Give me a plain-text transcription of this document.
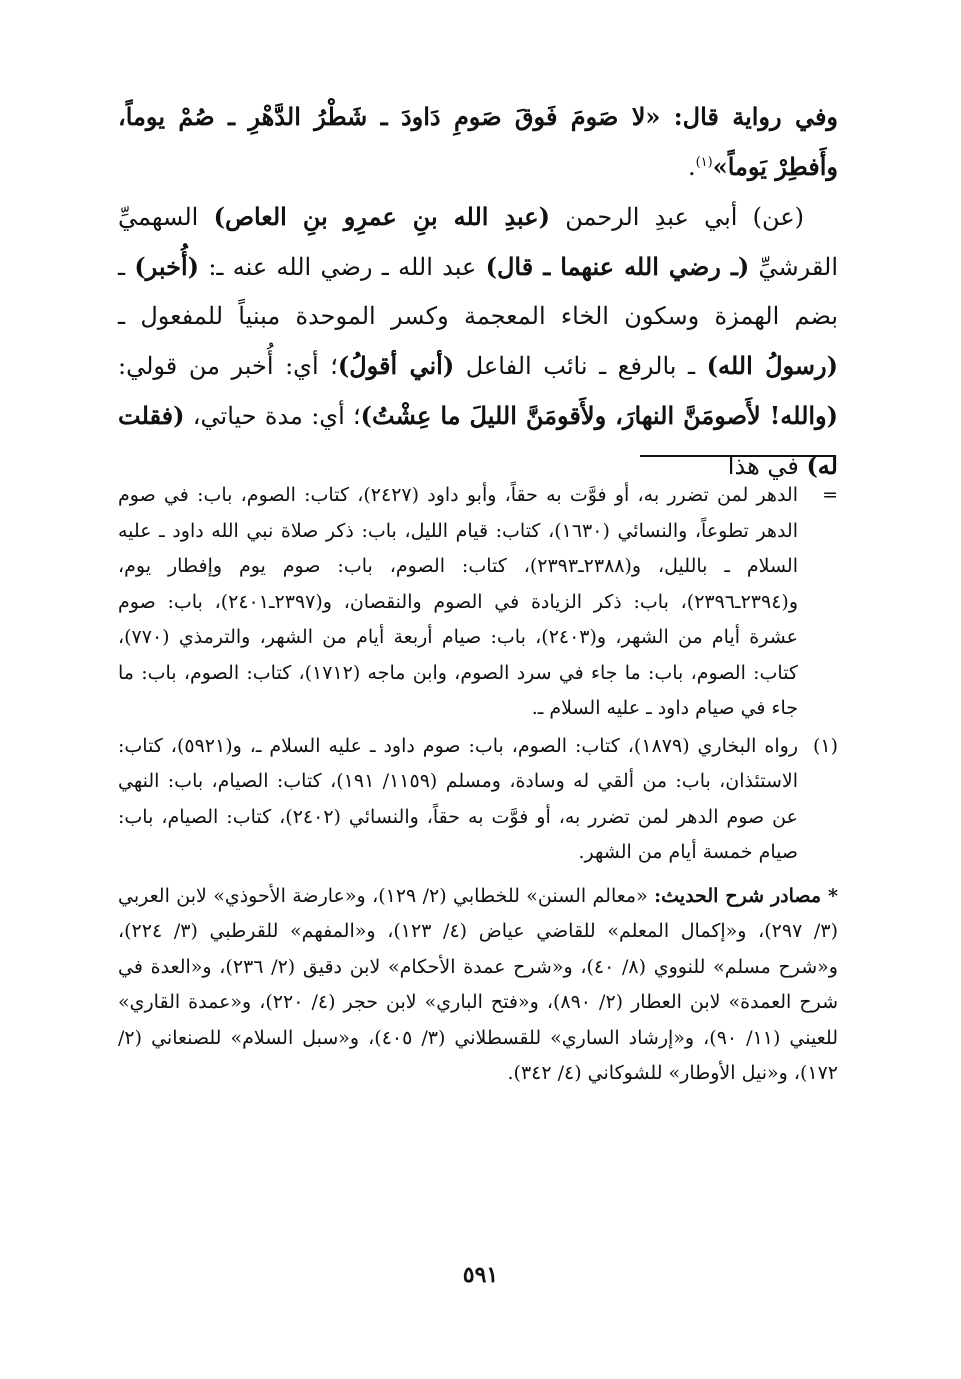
وفي رواية قال: «لا صَومَ فَوقَ صَومِ دَاودَ ـ شَطْرُ الدَّهْرِ ـ صُمْ يوماً، وأَفطِرْ يَوماً»$^{(١)}$.

(عن) أبي عبدِ الرحمن (عبدِ الله بنِ عمرِو بنِ العاص) السهميِّ القرشيِّ (ـ رضي الله عنهما ـ قال) عبد الله ـ رضي الله عنه ـ: (أُخبر) ـ بضم الهمزة وسكون الخاء المعجمة وكسر الموحدة مبنياً للمفعول ـ (رسولُ الله) ـ بالرفع ـ نائب الفاعل (أني أقولُ)؛ أي: أُخبر من قولي: (والله! لأَصومَنَّ النهارَ، ولأَقومَنَّ الليلَ ما عِشْتُ)؛ أي: مدة حياتي، (فقلت له) في هذا

=
الدهر لمن تضرر به، أو فوَّت به حقاً، وأبو داود (٢٤٢٧)، كتاب: الصوم، باب: في صوم الدهر تطوعاً، والنسائي (١٦٣٠)، كتاب: قيام الليل، باب: ذكر صلاة نبي الله داود ـ عليه السلام ـ بالليل، و(٢٣٨٨ـ٢٣٩٣)، كتاب: الصوم، باب: صوم يوم وإفطار يوم، و(٢٣٩٤ـ٢٣٩٦)، باب: ذكر الزيادة في الصوم والنقصان، و(٢٣٩٧ـ٢٤٠١)، باب: صوم عشرة أيام من الشهر، و(٢٤٠٣)، باب: صيام أربعة أيام من الشهر، والترمذي (٧٧٠)، كتاب: الصوم، باب: ما جاء في سرد الصوم، وابن ماجه (١٧١٢)، كتاب: الصوم، باب: ما جاء في صيام داود ـ عليه السلام ـ.
(١)
رواه البخاري (١٨٧٩)، كتاب: الصوم، باب: صوم داود ـ عليه السلام ـ، و(٥٩٢١)، كتاب: الاستئذان، باب: من ألقي له وسادة، ومسلم (١١٥٩/ ١٩١)، كتاب: الصيام، باب: النهي عن صوم الدهر لمن تضرر به، أو فوَّت به حقاً، والنسائي (٢٤٠٢)، كتاب: الصيام، باب: صيام خمسة أيام من الشهر.

* مصادر شرح الحديث: «معالم السنن» للخطابي (٢/ ١٢٩)، و«عارضة الأحوذي» لابن العربي (٣/ ٢٩٧)، و«إكمال المعلم» للقاضي عياض (٤/ ١٢٣)، و«المفهم» للقرطبي (٣/ ٢٢٤)، و«شرح مسلم» للنووي (٨/ ٤٠)، و«شرح عمدة الأحكام» لابن دقيق (٢/ ٢٣٦)، و«العدة في شرح العمدة» لابن العطار (٢/ ٨٩٠)، و«فتح الباري» لابن حجر (٤/ ٢٢٠)، و«عمدة القاري» للعيني (١١/ ٩٠)، و«إرشاد الساري» للقسطلاني (٣/ ٤٠٥)، و«سبل السلام» للصنعاني (٢/ ١٧٢)، و«نيل الأوطار» للشوكاني (٤/ ٣٤٢).

٥٩١
